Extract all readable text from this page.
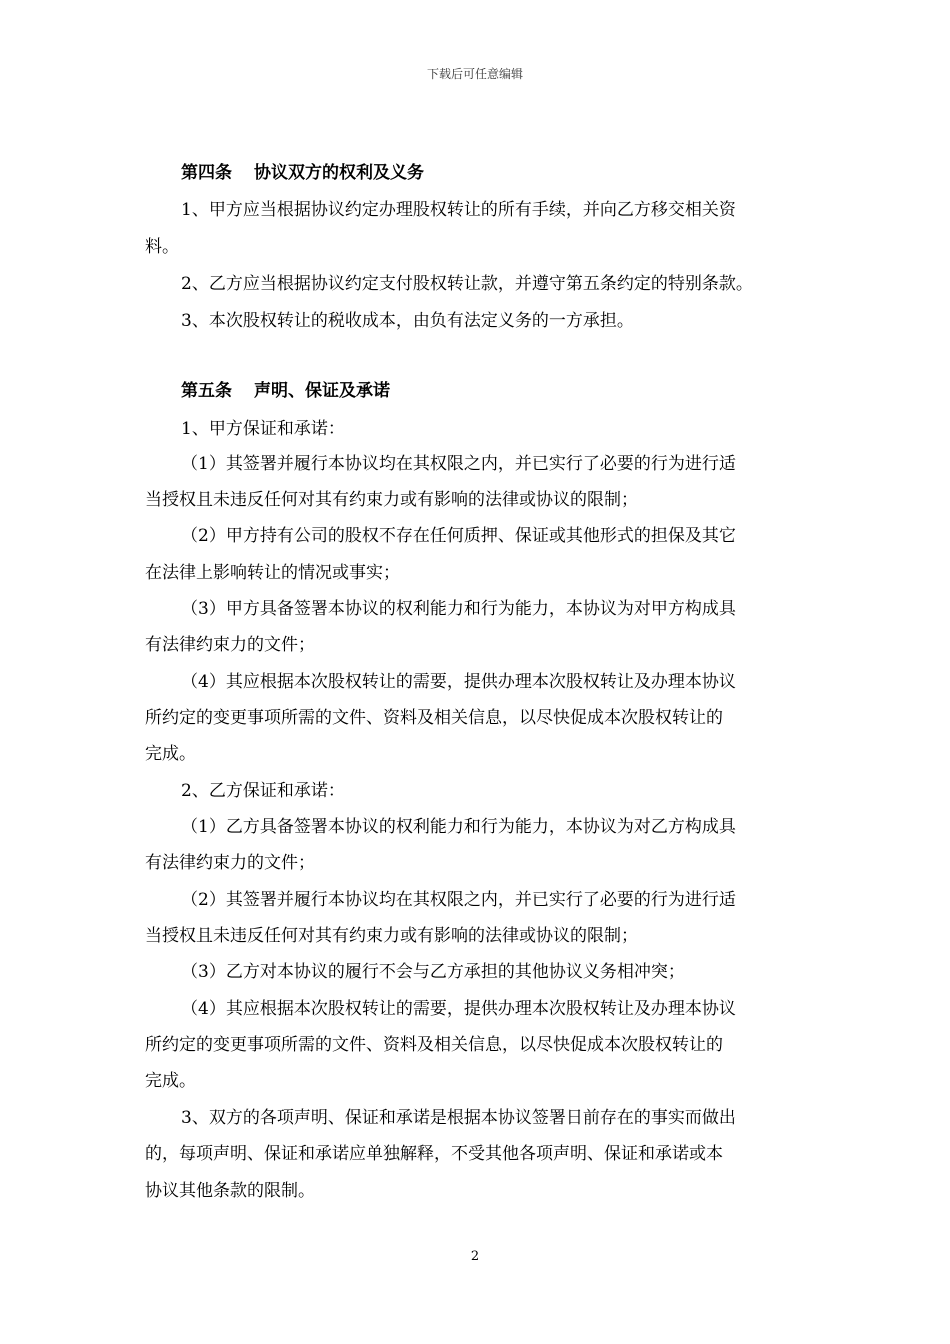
下载后可任意编辑
第四条 协议双方的权利及义务
1、甲方应当根据协议约定办理股权转让的所有手续，并向乙方移交相关资
料。
2、乙方应当根据协议约定支付股权转让款，并遵守第五条约定的特别条款。
3、本次股权转让的税收成本，由负有法定义务的一方承担。
第五条 声明、保证及承诺
1、甲方保证和承诺：
（1）其签署并履行本协议均在其权限之内，并已实行了必要的行为进行适
当授权且未违反任何对其有约束力或有影响的法律或协议的限制；
（2）甲方持有公司的股权不存在任何质押、保证或其他形式的担保及其它
在法律上影响转让的情况或事实；
（3）甲方具备签署本协议的权利能力和行为能力，本协议为对甲方构成具
有法律约束力的文件；
（4）其应根据本次股权转让的需要，提供办理本次股权转让及办理本协议
所约定的变更事项所需的文件、资料及相关信息，以尽快促成本次股权转让的
完成。
2、乙方保证和承诺：
（1）乙方具备签署本协议的权利能力和行为能力，本协议为对乙方构成具
有法律约束力的文件；
（2）其签署并履行本协议均在其权限之内，并已实行了必要的行为进行适
当授权且未违反任何对其有约束力或有影响的法律或协议的限制；
（3）乙方对本协议的履行不会与乙方承担的其他协议义务相冲突；
（4）其应根据本次股权转让的需要，提供办理本次股权转让及办理本协议
所约定的变更事项所需的文件、资料及相关信息，以尽快促成本次股权转让的
完成。
3、双方的各项声明、保证和承诺是根据本协议签署日前存在的事实而做出
的，每项声明、保证和承诺应单独解释，不受其他各项声明、保证和承诺或本
协议其他条款的限制。
2
